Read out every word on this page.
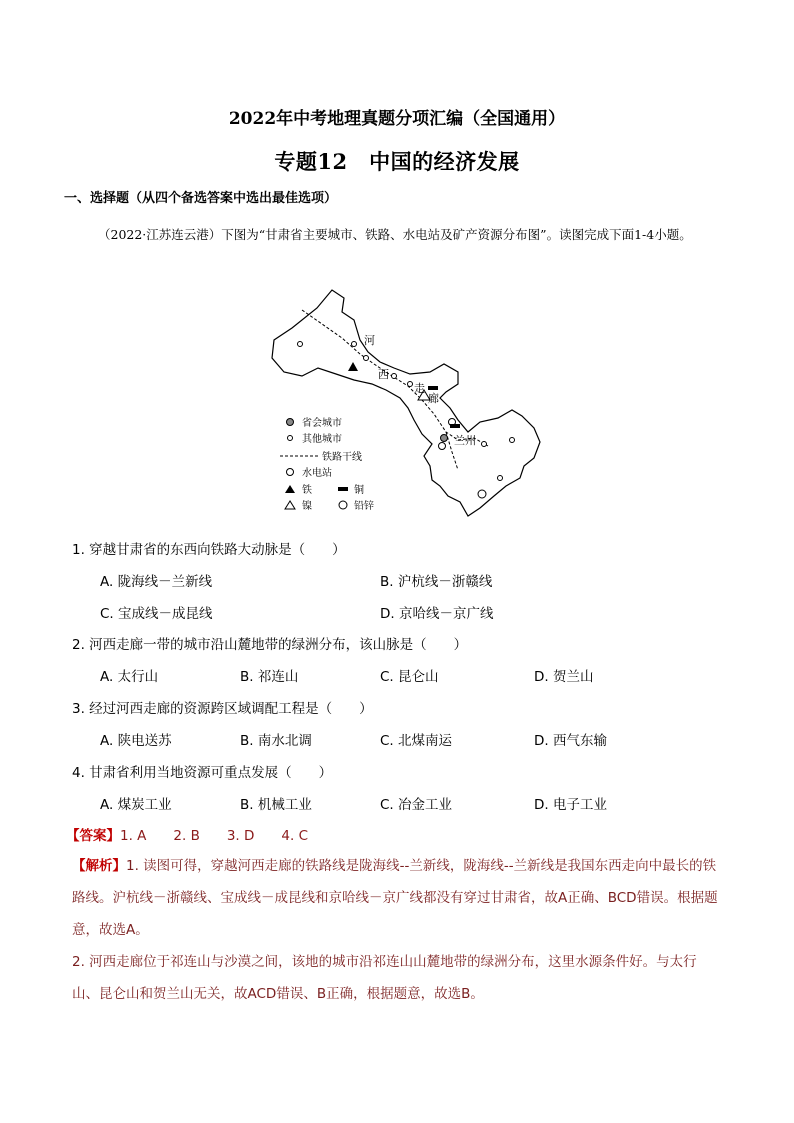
2022年中考地理真题分项汇编（全国通用）
专题12　中国的经济发展
一、选择题（从四个备选答案中选出最佳选项）
（2022·江苏连云港）下图为“甘肃省主要城市、铁路、水电站及矿产资源分布图”。读图完成下面1-4小题。
河
西
走
廊
兰州
省会城市
其他城市
铁路干线
水电站
铁	铜
镍	铅锌
1. 穿越甘肃省的东西向铁路大动脉是（　　）
A. 陇海线－兰新线	B. 沪杭线－浙赣线
C. 宝成线－成昆线	D. 京哈线－京广线
2. 河西走廊一带的城市沿山麓地带的绿洲分布，该山脉是（　　）
A. 太行山	B. 祁连山	C. 昆仑山	D. 贺兰山
3. 经过河西走廊的资源跨区域调配工程是（　　）
A. 陕电送苏	B. 南水北调	C. 北煤南运	D. 西气东输
4. 甘肃省利用当地资源可重点发展（　　）
A. 煤炭工业	B. 机械工业	C. 冶金工业	D. 电子工业
【答案】1. A　　2. B　　3. D　　4. C
【解析】1. 读图可得，穿越河西走廊的铁路线是陇海线--兰新线，陇海线--兰新线是我国东西走向中最长的铁路线。沪杭线－浙赣线、宝成线－成昆线和京哈线－京广线都没有穿过甘肃省，故A正确、BCD错误。根据题意，故选A。
2. 河西走廊位于祁连山与沙漠之间，该地的城市沿祁连山山麓地带的绿洲分布，这里水源条件好。与太行山、昆仑山和贺兰山无关，故ACD错误、B正确，根据题意，故选B。
